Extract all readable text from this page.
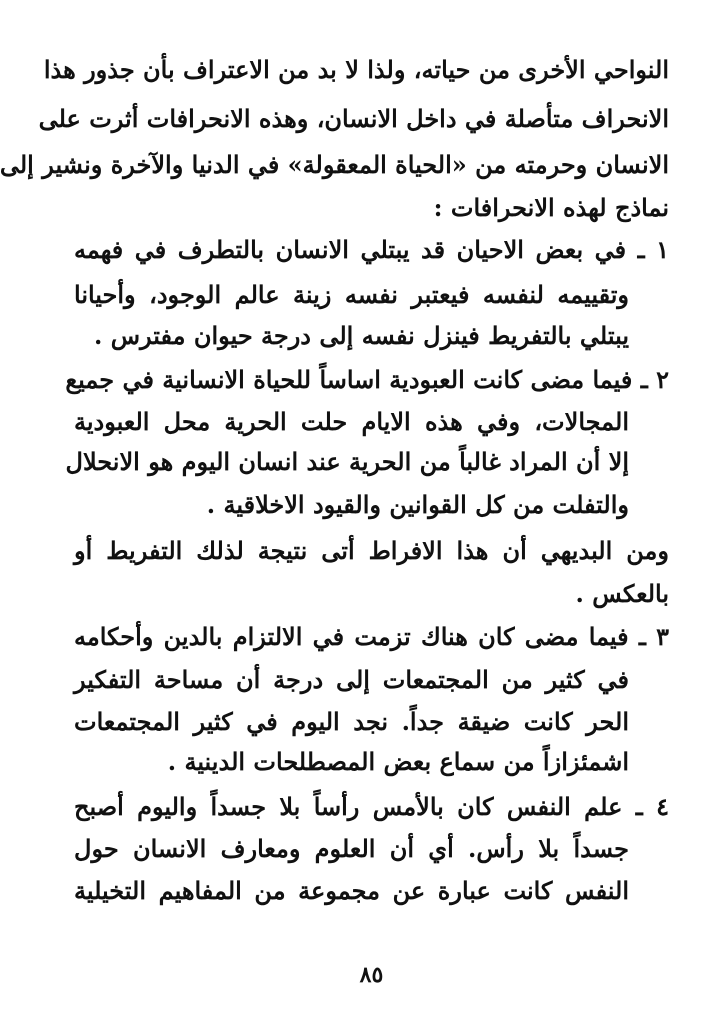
النواحي الأخرى من حياته، ولذا لا بد من الاعتراف بأن جذور هذا
الانحراف متأصلة في داخل الانسان، وهذه الانحرافات أثرت على
الانسان وحرمته من «الحياة المعقولة» في الدنيا والآخرة ونشير إلى
نماذج لهذه الانحرافات :
١ ـ في بعض الاحيان قد يبتلي الانسان بالتطرف في فهمه
وتقييمه لنفسه فيعتبر نفسه زينة عالم الوجود، وأحيانا
يبتلي بالتفريط فينزل نفسه إلى درجة حيوان مفترس .
٢ ـ فيما مضى كانت العبودية اساساً للحياة الانسانية في جميع
المجالات، وفي هذه الايام حلت الحرية محل العبودية
إلا أن المراد غالباً من الحرية عند انسان اليوم هو الانحلال
والتفلت من كل القوانين والقيود الاخلاقية .
ومن البديهي أن هذا الافراط أتى نتيجة لذلك التفريط أو
بالعكس .
٣ ـ فيما مضى كان هناك تزمت في الالتزام بالدين وأحكامه
في كثير من المجتمعات إلى درجة أن مساحة التفكير
الحر كانت ضيقة جداً. نجد اليوم في كثير المجتمعات
اشمئزازاً من سماع بعض المصطلحات الدينية .
٤ ـ علم النفس كان بالأمس رأساً بلا جسداً واليوم أصبح
جسداً بلا رأس. أي أن العلوم ومعارف الانسان حول
النفس كانت عبارة عن مجموعة من المفاهيم التخيلية
٨٥
